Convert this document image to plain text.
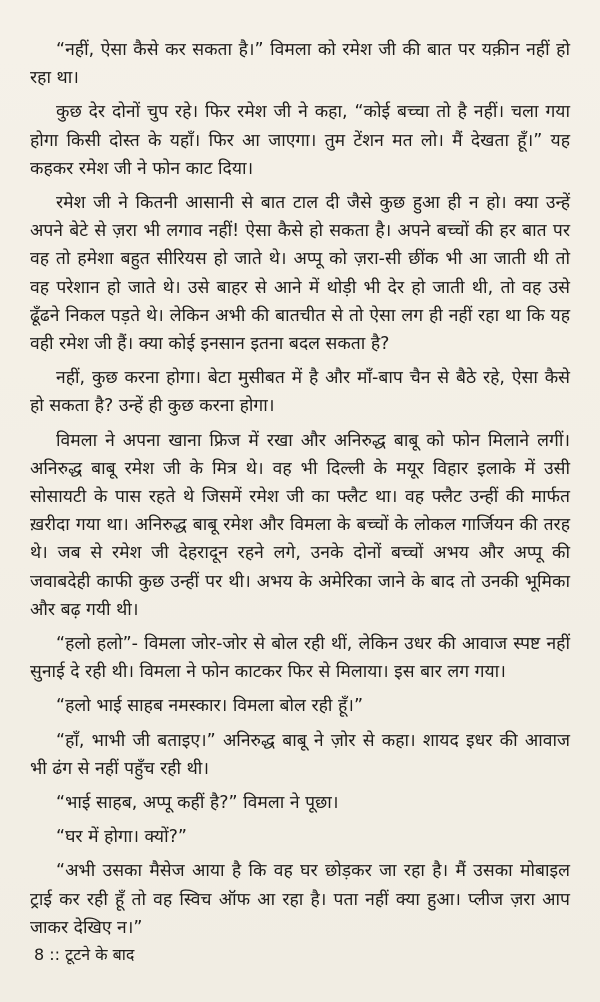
“नहीं, ऐसा कैसे कर सकता है।” विमला को रमेश जी की बात पर यक़ीन नहीं हो रहा था।

कुछ देर दोनों चुप रहे। फिर रमेश जी ने कहा, “कोई बच्चा तो है नहीं। चला गया होगा किसी दोस्त के यहाँ। फिर आ जाएगा। तुम टेंशन मत लो। मैं देखता हूँ।” यह कहकर रमेश जी ने फोन काट दिया।

रमेश जी ने कितनी आसानी से बात टाल दी जैसे कुछ हुआ ही न हो। क्या उन्हें अपने बेटे से ज़रा भी लगाव नहीं! ऐसा कैसे हो सकता है। अपने बच्चों की हर बात पर वह तो हमेशा बहुत सीरियस हो जाते थे। अप्पू को ज़रा-सी छींक भी आ जाती थी तो वह परेशान हो जाते थे। उसे बाहर से आने में थोड़ी भी देर हो जाती थी, तो वह उसे ढूँढने निकल पड़ते थे। लेकिन अभी की बातचीत से तो ऐसा लग ही नहीं रहा था कि यह वही रमेश जी हैं। क्या कोई इनसान इतना बदल सकता है?

नहीं, कुछ करना होगा। बेटा मुसीबत में है और माँ-बाप चैन से बैठे रहे, ऐसा कैसे हो सकता है? उन्हें ही कुछ करना होगा।

विमला ने अपना खाना फ्रिज में रखा और अनिरुद्ध बाबू को फोन मिलाने लगीं। अनिरुद्ध बाबू रमेश जी के मित्र थे। वह भी दिल्ली के मयूर विहार इलाके में उसी सोसायटी के पास रहते थे जिसमें रमेश जी का फ्लैट था। वह फ्लैट उन्हीं की मार्फत ख़रीदा गया था। अनिरुद्ध बाबू रमेश और विमला के बच्चों के लोकल गार्जियन की तरह थे। जब से रमेश जी देहरादून रहने लगे, उनके दोनों बच्चों अभय और अप्पू की जवाबदेही काफी कुछ उन्हीं पर थी। अभय के अमेरिका जाने के बाद तो उनकी भूमिका और बढ़ गयी थी।

“हलो हलो”- विमला जोर-जोर से बोल रही थीं, लेकिन उधर की आवाज स्पष्ट नहीं सुनाई दे रही थी। विमला ने फोन काटकर फिर से मिलाया। इस बार लग गया।

“हलो भाई साहब नमस्कार। विमला बोल रही हूँ।”

“हाँ, भाभी जी बताइए।” अनिरुद्ध बाबू ने ज़ोर से कहा। शायद इधर की आवाज भी ढंग से नहीं पहुँच रही थी।

“भाई साहब, अप्पू कहीं है?” विमला ने पूछा।

“घर में होगा। क्यों?”

“अभी उसका मैसेज आया है कि वह घर छोड़कर जा रहा है। मैं उसका मोबाइल ट्राई कर रही हूँ तो वह स्विच ऑफ आ रहा है। पता नहीं क्या हुआ। प्लीज ज़रा आप जाकर देखिए न।”

8 :: टूटने के बाद
